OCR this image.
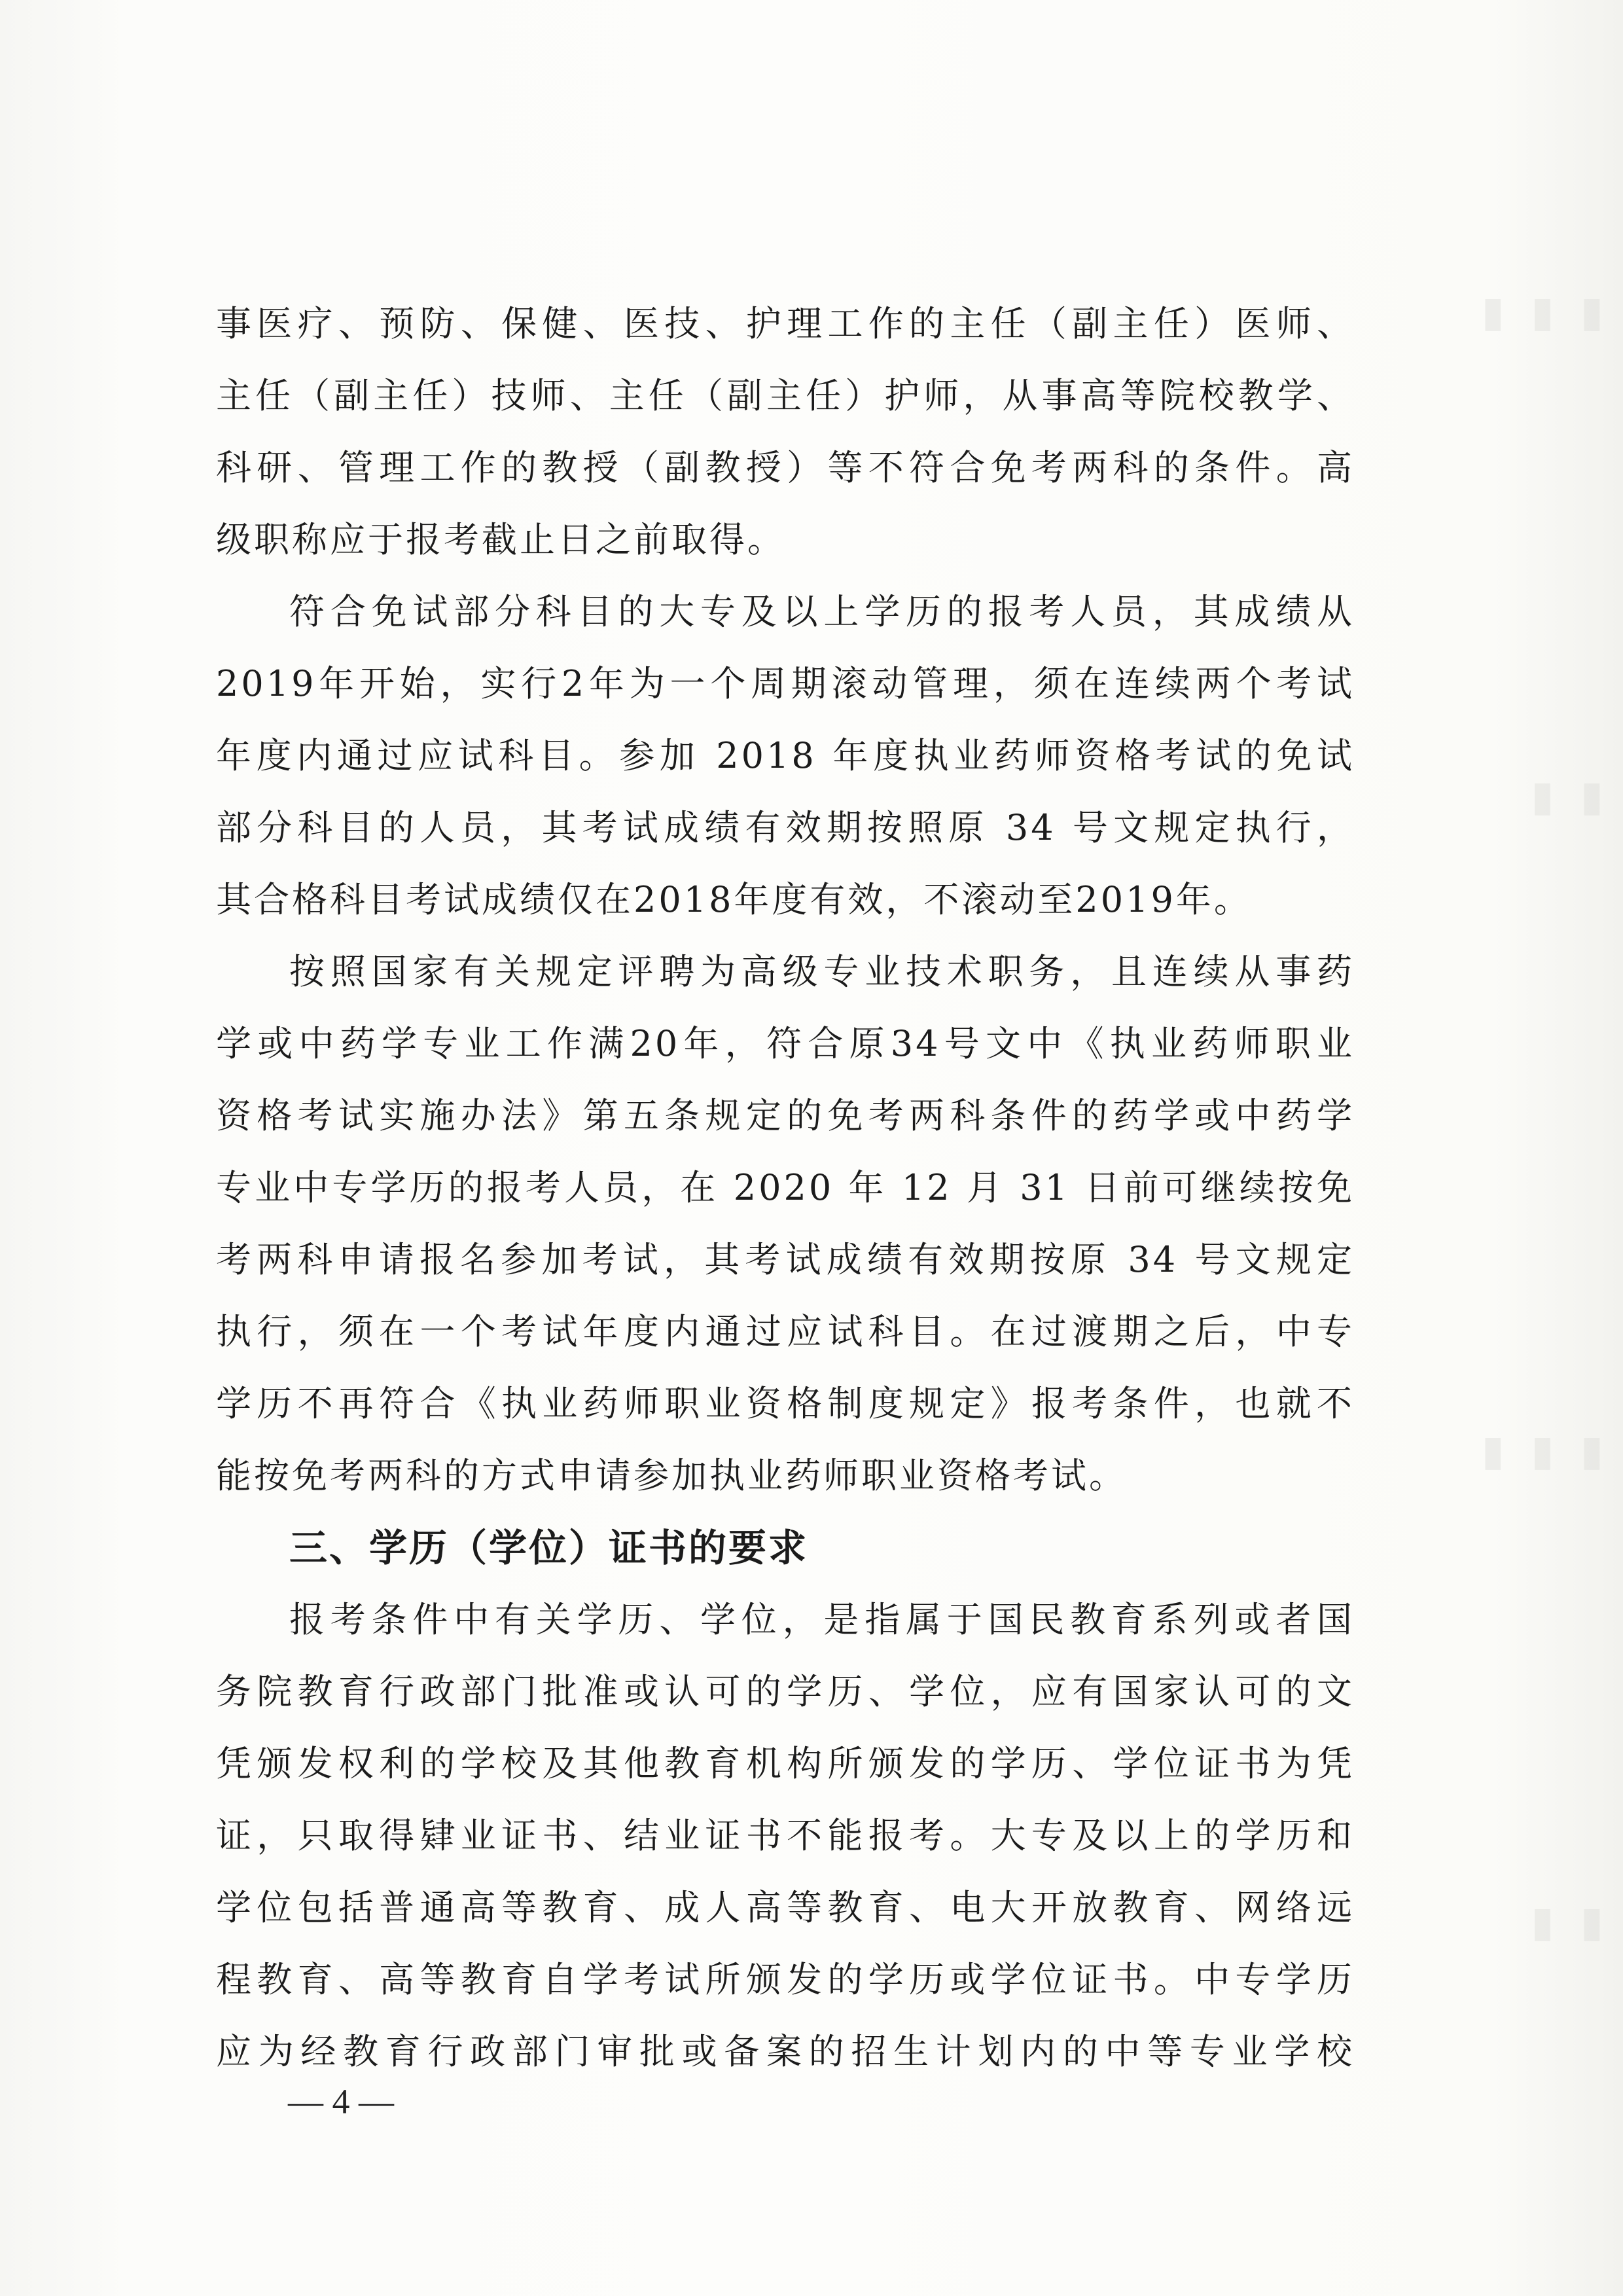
▮ ▮ ▮
▮ ▮
▮ ▮ ▮
▮ ▮
事医疗、预防、保健、医技、护理工作的主任（副主任）医师、
主任（副主任）技师、主任（副主任）护师，从事高等院校教学、
科研、管理工作的教授（副教授）等不符合免考两科的条件。高
级职称应于报考截止日之前取得。
符合免试部分科目的大专及以上学历的报考人员，其成绩从
2019年开始，实行2年为一个周期滚动管理，须在连续两个考试
年度内通过应试科目。参加 2018 年度执业药师资格考试的免试
部分科目的人员，其考试成绩有效期按照原 34 号文规定执行，
其合格科目考试成绩仅在2018年度有效，不滚动至2019年。
按照国家有关规定评聘为高级专业技术职务，且连续从事药
学或中药学专业工作满20年，符合原34号文中《执业药师职业
资格考试实施办法》第五条规定的免考两科条件的药学或中药学
专业中专学历的报考人员，在 2020 年 12 月 31 日前可继续按免
考两科申请报名参加考试，其考试成绩有效期按原 34 号文规定
执行，须在一个考试年度内通过应试科目。在过渡期之后，中专
学历不再符合《执业药师职业资格制度规定》报考条件，也就不
能按免考两科的方式申请参加执业药师职业资格考试。
三、学历（学位）证书的要求
报考条件中有关学历、学位，是指属于国民教育系列或者国
务院教育行政部门批准或认可的学历、学位，应有国家认可的文
凭颁发权利的学校及其他教育机构所颁发的学历、学位证书为凭
证，只取得肄业证书、结业证书不能报考。大专及以上的学历和
学位包括普通高等教育、成人高等教育、电大开放教育、网络远
程教育、高等教育自学考试所颁发的学历或学位证书。中专学历
应为经教育行政部门审批或备案的招生计划内的中等专业学校
— 4 —
